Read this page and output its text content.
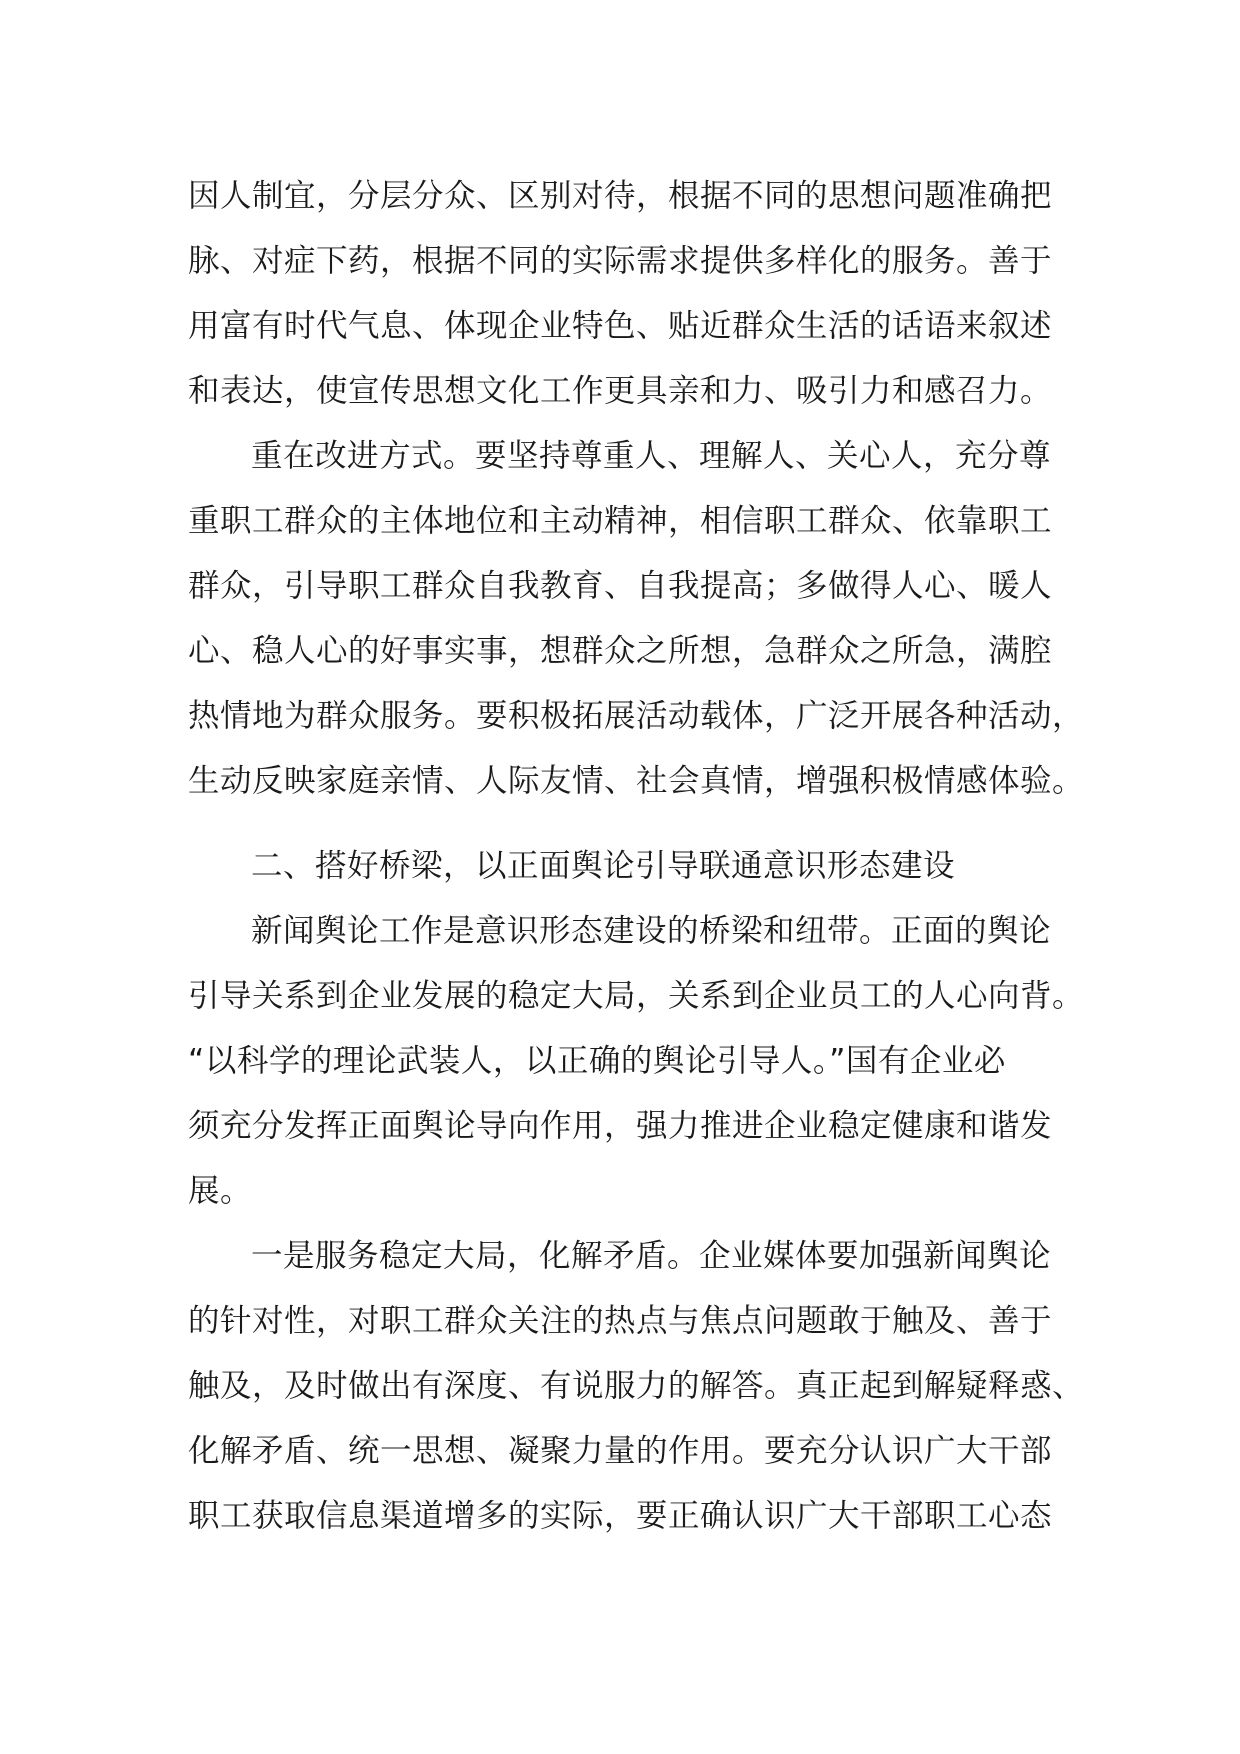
因人制宜，分层分众、区别对待，根据不同的思想问题准确把
脉、对症下药，根据不同的实际需求提供多样化的服务。善于
用富有时代气息、体现企业特色、贴近群众生活的话语来叙述
和表达，使宣传思想文化工作更具亲和力、吸引力和感召力。
重在改进方式。要坚持尊重人、理解人、关心人，充分尊
重职工群众的主体地位和主动精神，相信职工群众、依靠职工
群众，引导职工群众自我教育、自我提高；多做得人心、暖人
心、稳人心的好事实事，想群众之所想，急群众之所急，满腔
热情地为群众服务。要积极拓展活动载体，广泛开展各种活动，
生动反映家庭亲情、人际友情、社会真情，增强积极情感体验。
二、搭好桥梁，以正面舆论引导联通意识形态建设
新闻舆论工作是意识形态建设的桥梁和纽带。正面的舆论
引导关系到企业发展的稳定大局，关系到企业员工的人心向背。
“以科学的理论武装人，以正确的舆论引导人。”国有企业必
须充分发挥正面舆论导向作用，强力推进企业稳定健康和谐发
展。
一是服务稳定大局，化解矛盾。企业媒体要加强新闻舆论
的针对性，对职工群众关注的热点与焦点问题敢于触及、善于
触及，及时做出有深度、有说服力的解答。真正起到解疑释惑、
化解矛盾、统一思想、凝聚力量的作用。要充分认识广大干部
职工获取信息渠道增多的实际，要正确认识广大干部职工心态
